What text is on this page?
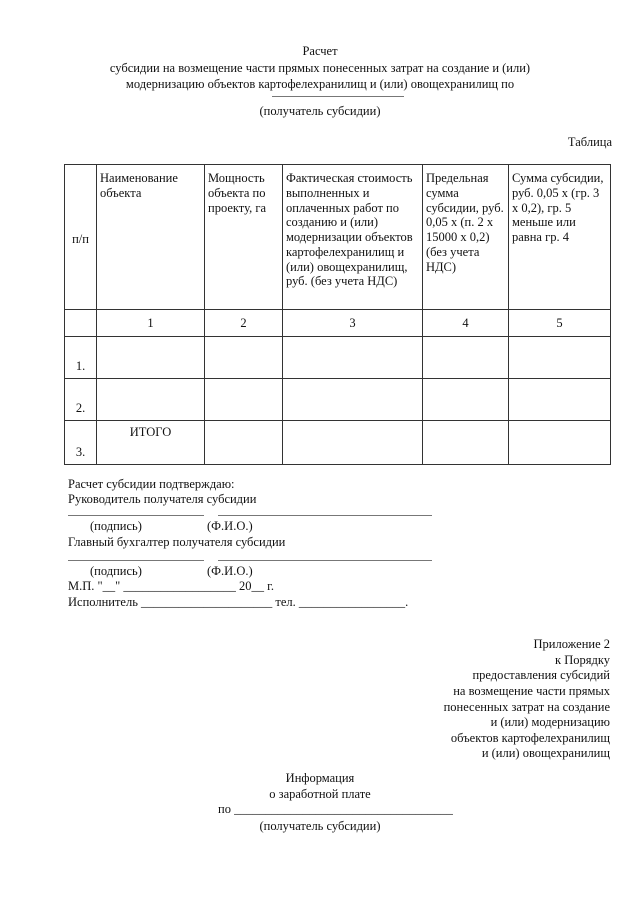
Расчет
субсидии на возмещение части прямых понесенных затрат на создание и (или)
модернизацию объектов картофелехранилищ и (или) овощехранилищ по
(получатель субсидии)
Таблица
п/п	Наименование объекта	Мощность объекта по проекту, га	Фактическая стоимость выполненных и оплаченных работ по созданию и (или) модернизации объектов картофелехранилищ и (или) овощехранилищ, руб. (без учета НДС)	Предельная сумма субсидии, руб. 0,05 х (п. 2 х 15000 х 0,2) (без учета НДС)	Сумма субсидии, руб. 0,05 х (гр. 3 х 0,2), гр. 5 меньше или равна гр. 4
	1	2	3	4	5
1.					
2.					
3.	ИТОГО				
Расчет субсидии подтверждаю:
Руководитель получателя субсидии
(подпись)	(Ф.И.О.)
Главный бухгалтер получателя субсидии
(подпись)	(Ф.И.О.)
М.П. "__" __________________ 20__ г.
Исполнитель _____________________ тел. _________________.
Приложение 2
к Порядку
предоставления субсидий
на возмещение части прямых
понесенных затрат на создание
и (или) модернизацию
объектов картофелехранилищ
и (или) овощехранилищ
Информация
о заработной плате
по ___________________________________
(получатель субсидии)
